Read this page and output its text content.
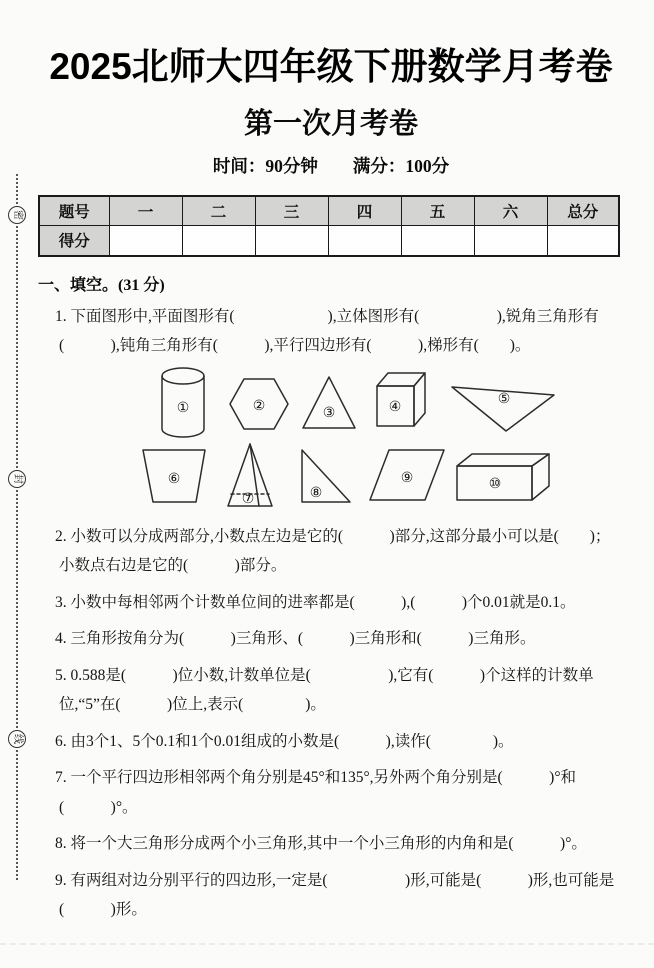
密
封
线
2025北师大四年级下册数学月考卷
第一次月考卷
时间：90分钟　　满分：100分
题号	一	二	三	四	五	六	总分
得分							
一、填空。(31 分)
1. 下面图形中,平面图形有(　　　　　　),立体图形有(　　　　　),锐角三角形有
(　　　),钝角三角形有(　　　),平行四边形有(　　　),梯形有(　　)。
①	②	③	④
⑤
⑥
⑦	⑧
⑨	⑩
2. 小数可以分成两部分,小数点左边是它的(　　　)部分,这部分最小可以是(　　)；
小数点右边是它的(　　　)部分。
3. 小数中每相邻两个计数单位间的进率都是(　　　),(　　　)个0.01就是0.1。
4. 三角形按角分为(　　　)三角形、(　　　)三角形和(　　　)三角形。
5. 0.588是(　　　)位小数,计数单位是(　　　　　),它有(　　　)个这样的计数单
位,“5”在(　　　)位上,表示(　　　　)。
6. 由3个1、5个0.1和1个0.01组成的小数是(　　　),读作(　　　　)。
7. 一个平行四边形相邻两个角分别是45°和135°,另外两个角分别是(　　　)°和
(　　　)°。
8. 将一个大三角形分成两个小三角形,其中一个小三角形的内角和是(　　　)°。
9. 有两组对边分别平行的四边形,一定是(　　　　　)形,可能是(　　　)形,也可能是
(　　　)形。
